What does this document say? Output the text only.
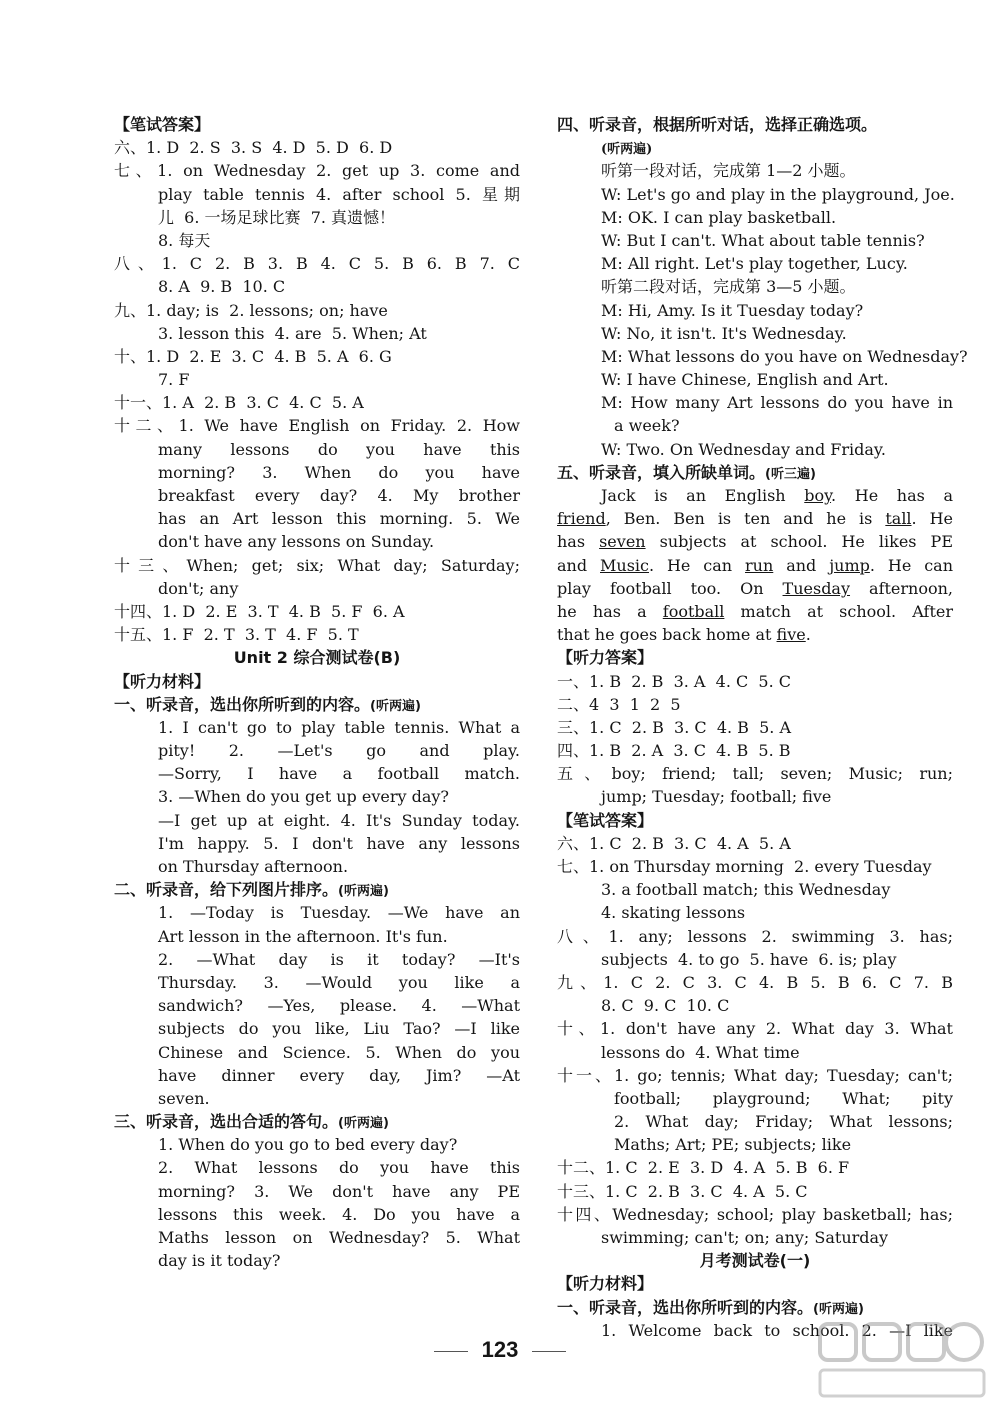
【笔试答案】
六、1. D  2. S  3. S  4. D  5. D  6. D
七、1. on Wednesday 2. get up 3. come and
play table tennis 4. after school 5. 星期
儿  6. 一场足球比赛  7. 真遗憾！
8. 每天
八、1. C 2. B 3. B 4. C 5. B 6. B 7. C
8. A  9. B  10. C
九、1. day; is  2. lessons; on; have
3. lesson this  4. are  5. When; At
十、1. D  2. E  3. C  4. B  5. A  6. G
7. F
十一、1. A  2. B  3. C  4. C  5. A
十二、1. We have English on Friday. 2. How
many lessons do you have this
morning? 3. When do you have
breakfast every day? 4. My brother
has an Art lesson this morning. 5. We
don't have any lessons on Sunday.
十三、When; get; six; What day; Saturday;
don't; any
十四、1. D  2. E  3. T  4. B  5. F  6. A
十五、1. F  2. T  3. T  4. F  5. T
Unit 2 综合测试卷(B)
【听力材料】
一、听录音，选出你所听到的内容。(听两遍)
1. I can't go to play table tennis. What a
pity! 2. —Let's go and play.
—Sorry, I have a football match.
3. —When do you get up every day?
—I get up at eight. 4. It's Sunday today.
I'm happy. 5. I don't have any lessons
on Thursday afternoon.
二、听录音，给下列图片排序。(听两遍)
1. —Today is Tuesday. —We have an
Art lesson in the afternoon. It's fun.
2. —What day is it today? —It's
Thursday. 3. —Would you like a
sandwich? —Yes, please. 4. —What
subjects do you like, Liu Tao? —I like
Chinese and Science. 5. When do you
have dinner every day, Jim? —At
seven.
三、听录音，选出合适的答句。(听两遍)
1. When do you go to bed every day?
2. What lessons do you have this
morning? 3. We don't have any PE
lessons this week. 4. Do you have a
Maths lesson on Wednesday? 5. What
day is it today?
四、听录音，根据所听对话，选择正确选项。
(听两遍)
听第一段对话，完成第 1—2 小题。
W: Let's go and play in the playground, Joe.
M: OK. I can play basketball.
W: But I can't. What about table tennis?
M: All right. Let's play together, Lucy.
听第二段对话，完成第 3—5 小题。
M: Hi, Amy. Is it Tuesday today?
W: No, it isn't. It's Wednesday.
M: What lessons do you have on Wednesday?
W: I have Chinese, English and Art.
M: How many Art lessons do you have in
a week?
W: Two. On Wednesday and Friday.
五、听录音，填入所缺单词。(听三遍)
Jack is an English boy. He has a
friend, Ben. Ben is ten and he is tall. He
has seven subjects at school. He likes PE
and Music. He can run and jump. He can
play football too. On Tuesday afternoon,
he has a football match at school. After
that he goes back home at five.
【听力答案】
一、1. B  2. B  3. A  4. C  5. C
二、4  3  1  2  5
三、1. C  2. B  3. C  4. B  5. A
四、1. B  2. A  3. C  4. B  5. B
五、boy; friend; tall; seven; Music; run;
jump; Tuesday; football; five
【笔试答案】
六、1. C  2. B  3. C  4. A  5. A
七、1. on Thursday morning  2. every Tuesday
3. a football match; this Wednesday
4. skating lessons
八、1. any; lessons 2. swimming 3. has;
subjects  4. to go  5. have  6. is; play
九、1. C 2. C 3. C 4. B 5. B 6. C 7. B
8. C  9. C  10. C
十、1. don't have any 2. What day 3. What
lessons do  4. What time
十一、1. go; tennis; What day; Tuesday; can't;
football; playground; What; pity
2. What day; Friday; What lessons;
Maths; Art; PE; subjects; like
十二、1. C  2. E  3. D  4. A  5. B  6. F
十三、1. C  2. B  3. C  4. A  5. C
十四、Wednesday; school; play basketball; has;
swimming; can't; on; any; Saturday
月考测试卷(一)
【听力材料】
一、听录音，选出你所听到的内容。(听两遍)
1. Welcome back to school. 2. —I like
123
